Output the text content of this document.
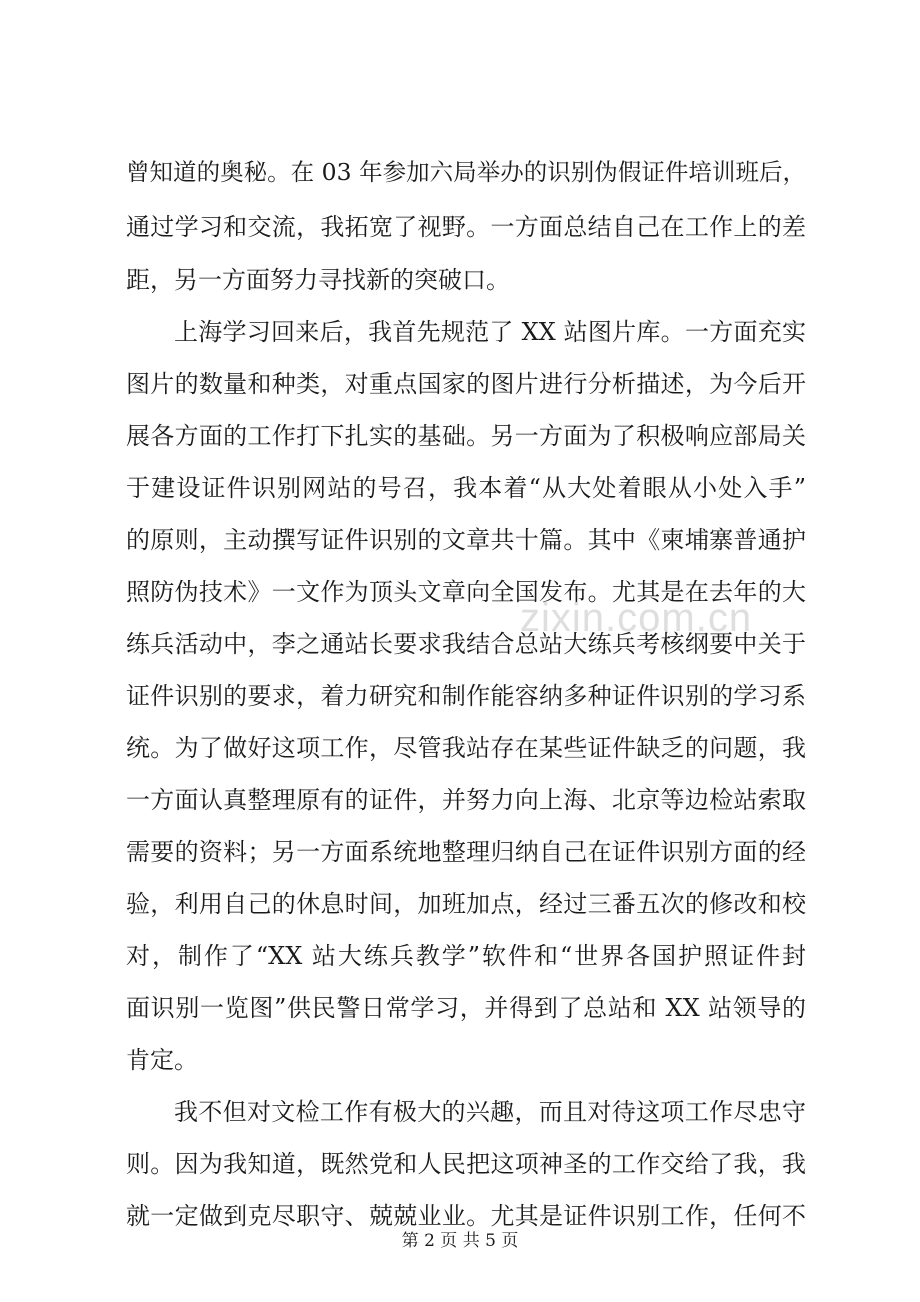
曾知道的奥秘。在 03 年参加六局举办的识别伪假证件培训班后，

通过学习和交流，我拓宽了视野。一方面总结自己在工作上的差

距，另一方面努力寻找新的突破口。

上海学习回来后，我首先规范了 XX 站图片库。一方面充实

图片的数量和种类，对重点国家的图片进行分析描述，为今后开

展各方面的工作打下扎实的基础。另一方面为了积极响应部局关

于建设证件识别网站的号召，我本着“从大处着眼从小处入手”

的原则，主动撰写证件识别的文章共十篇。其中《柬埔寨普通护

照防伪技术》一文作为顶头文章向全国发布。尤其是在去年的大

练兵活动中，李之通站长要求我结合总站大练兵考核纲要中关于

证件识别的要求，着力研究和制作能容纳多种证件识别的学习系

统。为了做好这项工作，尽管我站存在某些证件缺乏的问题，我

一方面认真整理原有的证件，并努力向上海、北京等边检站索取

需要的资料；另一方面系统地整理归纳自己在证件识别方面的经

验，利用自己的休息时间，加班加点，经过三番五次的修改和校

对，制作了“XX 站大练兵教学”软件和“世界各国护照证件封

面识别一览图”供民警日常学习，并得到了总站和 XX 站领导的

肯定。

我不但对文检工作有极大的兴趣，而且对待这项工作尽忠守

则。因为我知道，既然党和人民把这项神圣的工作交给了我，我

就一定做到克尽职守、兢兢业业。尤其是证件识别工作，任何不

zixin.com.cn
第 2 页 共 5 页
